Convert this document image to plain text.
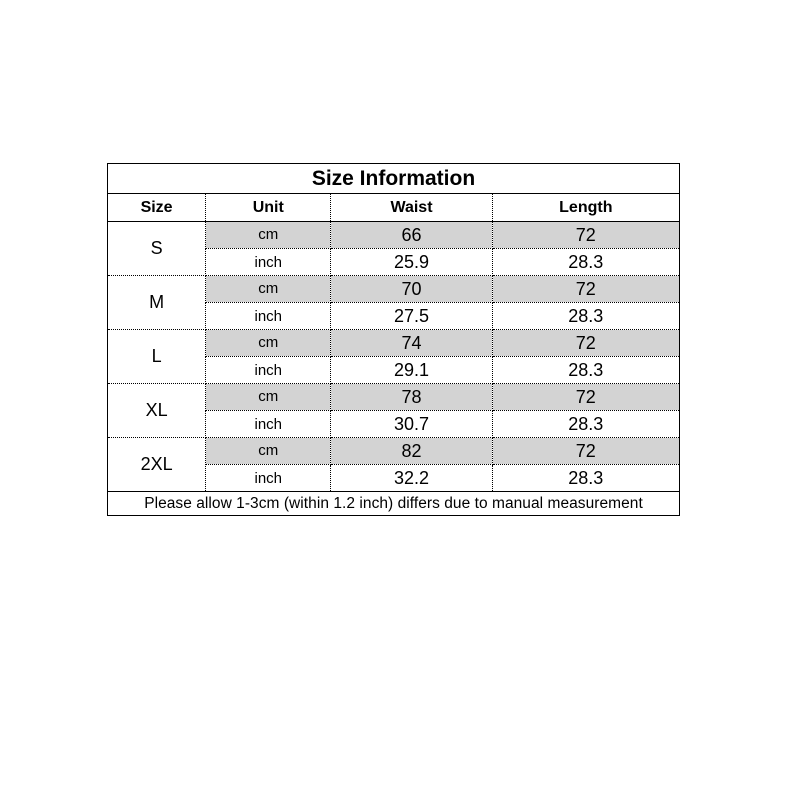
Size Information			
Size	Unit	Waist	Length
S	cm	66	72
	inch	25.9	28.3
M	cm	70	72
	inch	27.5	28.3
L	cm	74	72
	inch	29.1	28.3
XL	cm	78	72
	inch	30.7	28.3
2XL	cm	82	72
	inch	32.2	28.3
Please allow 1-3cm (within 1.2 inch) differs due to manual measurement			
